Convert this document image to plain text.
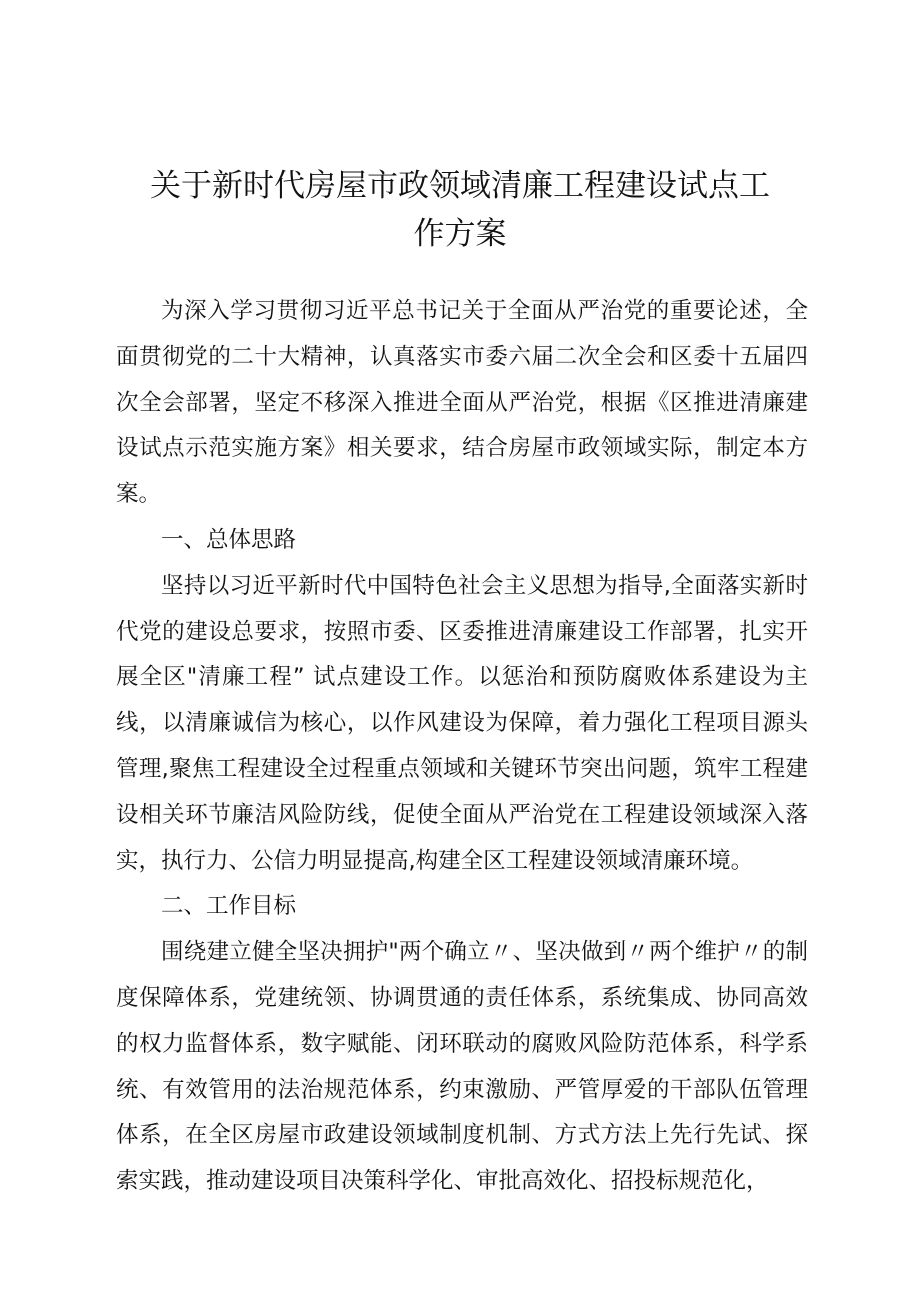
关于新时代房屋市政领域清廉工程建设试点工
作方案

为深入学习贯彻习近平总书记关于全面从严治党的重要论述，全面贯彻党的二十大精神，认真落实市委六届二次全会和区委十五届四次全会部署，坚定不移深入推进全面从严治党，根据《区推进清廉建设试点示范实施方案》相关要求，结合房屋市政领域实际，制定本方案。

一、总体思路

坚持以习近平新时代中国特色社会主义思想为指导,全面落实新时代党的建设总要求，按照市委、区委推进清廉建设工作部署，扎实开展全区"清廉工程” 试点建设工作。以惩治和预防腐败体系建设为主线，以清廉诚信为核心，以作风建设为保障，着力强化工程项目源头管理,聚焦工程建设全过程重点领域和关键环节突出问题，筑牢工程建设相关环节廉洁风险防线，促使全面从严治党在工程建设领域深入落实，执行力、公信力明显提高,构建全区工程建设领域清廉环境。

二、工作目标

围绕建立健全坚决拥护"两个确立〃、坚决做到〃两个维护〃的制度保障体系，党建统领、协调贯通的责任体系，系统集成、协同高效的权力监督体系，数字赋能、闭环联动的腐败风险防范体系，科学系统、有效管用的法治规范体系，约束激励、严管厚爱的干部队伍管理体系，在全区房屋市政建设领域制度机制、方式方法上先行先试、探索实践，推动建设项目决策科学化、审批高效化、招投标规范化，
